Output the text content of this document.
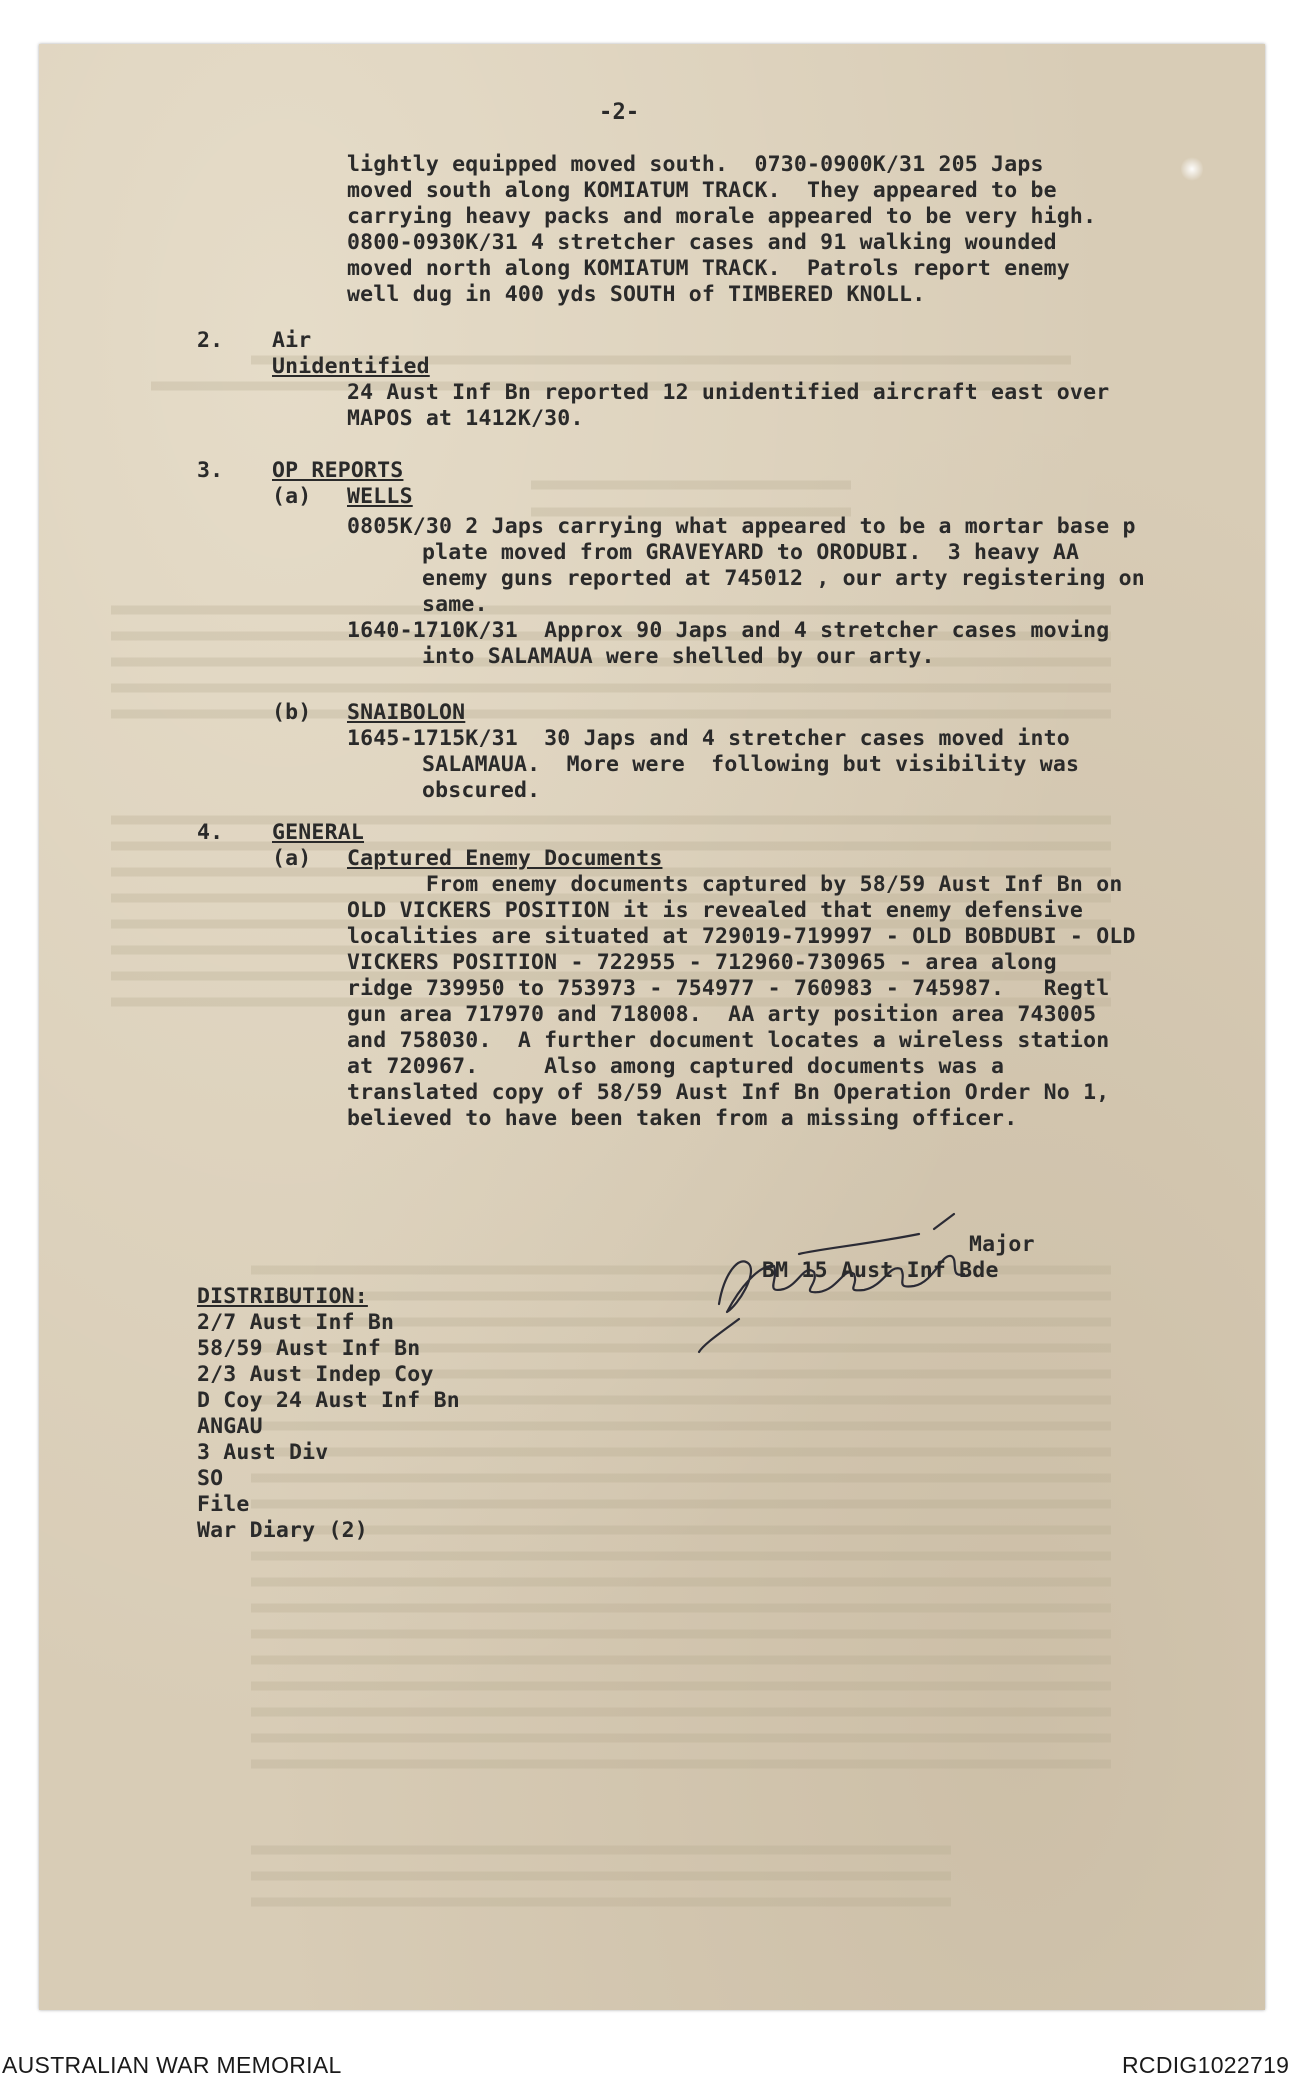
-2-
lightly equipped moved south.  0730-0900K/31 205 Japs
moved south along KOMIATUM TRACK.  They appeared to be
carrying heavy packs and morale appeared to be very high.
0800-0930K/31 4 stretcher cases and 91 walking wounded
moved north along KOMIATUM TRACK.  Patrols report enemy
well dug in 400 yds SOUTH of TIMBERED KNOLL.
2. Air
Unidentified
24 Aust Inf Bn reported 12 unidentified aircraft east over
MAPOS at 1412K/30.
3. OP REPORTS
(a) WELLS
0805K/30 2 Japs carrying what appeared to be a mortar base p
plate moved from GRAVEYARD to ORODUBI.  3 heavy AA
enemy guns reported at 745012 , our arty registering on
same.
1640-1710K/31  Approx 90 Japs and 4 stretcher cases moving
into SALAMAUA were shelled by our arty.
(b) SNAIBOLON
1645-1715K/31  30 Japs and 4 stretcher cases moved into
SALAMAUA.  More were  following but visibility was
obscured.
4. GENERAL
(a) Captured Enemy Documents
From enemy documents captured by 58/59 Aust Inf Bn on
OLD VICKERS POSITION it is revealed that enemy defensive
localities are situated at 729019-719997 - OLD BOBDUBI - OLD
VICKERS POSITION - 722955 - 712960-730965 - area along
ridge 739950 to 753973 - 754977 - 760983 - 745987.   Regtl
gun area 717970 and 718008.  AA arty position area 743005
and 758030.  A further document locates a wireless station
at 720967.     Also among captured documents was a
translated copy of 58/59 Aust Inf Bn Operation Order No 1,
believed to have been taken from a missing officer.
Major
BM 15 Aust Inf Bde
DISTRIBUTION:
2/7 Aust Inf Bn
58/59 Aust Inf Bn
2/3 Aust Indep Coy
D Coy 24 Aust Inf Bn
ANGAU
3 Aust Div
SO
File
War Diary (2)
AUSTRALIAN WAR MEMORIAL	RCDIG1022719
